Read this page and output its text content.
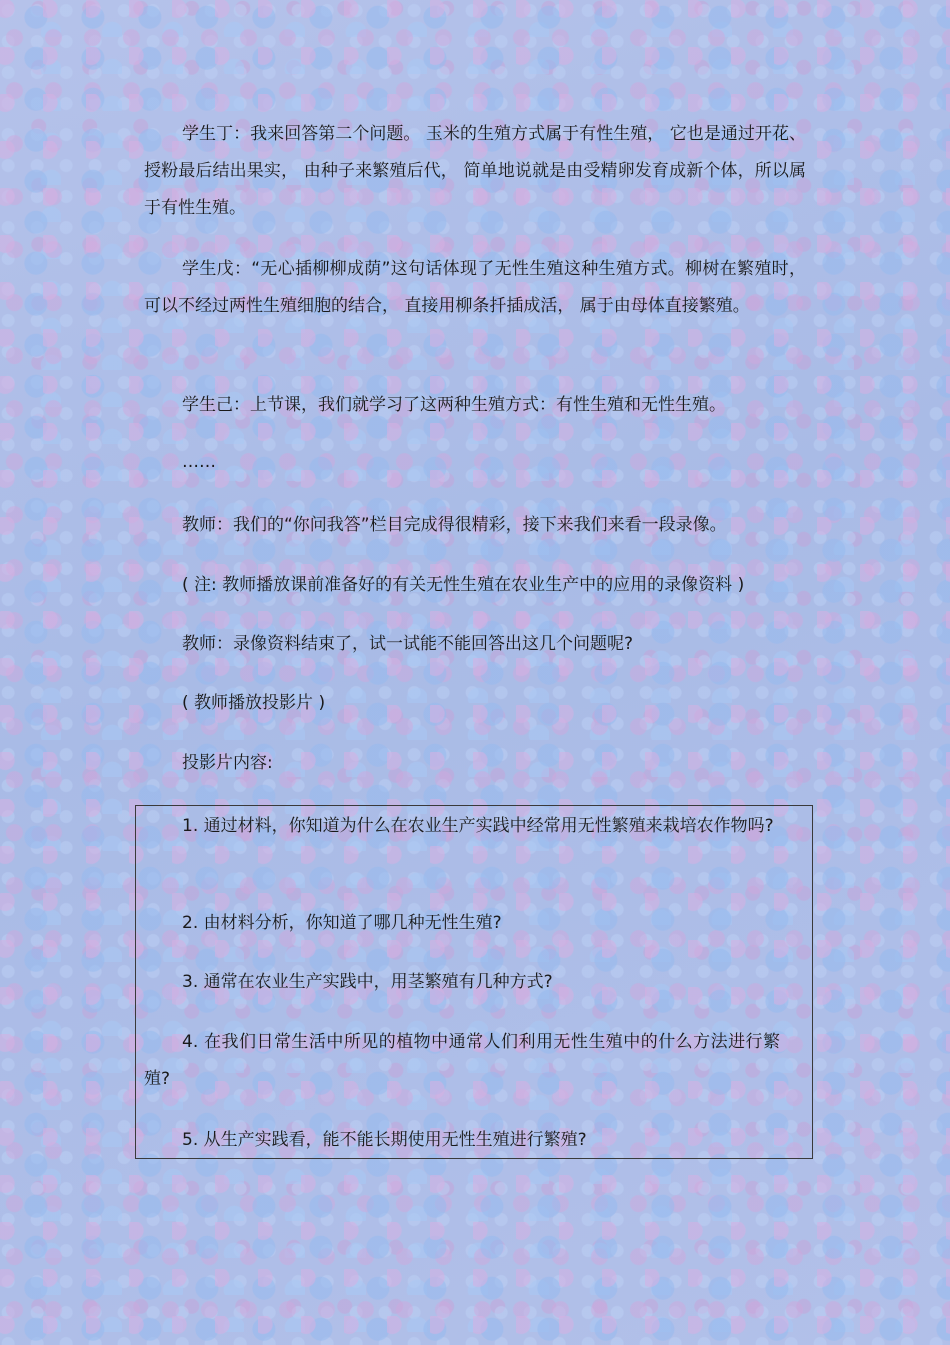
学生丁：我来回答第二个问题。 玉米的生殖方式属于有性生殖， 它也是通过开花、授粉最后结出果实， 由种子来繁殖后代， 简单地说就是由受精卵发育成新个体，所以属于有性生殖。

学生戊：“无心插柳柳成荫”这句话体现了无性生殖这种生殖方式。柳树在繁殖时，可以不经过两性生殖细胞的结合， 直接用柳条扦插成活， 属于由母体直接繁殖。

学生己：上节课，我们就学习了这两种生殖方式：有性生殖和无性生殖。

……

教师：我们的“你问我答”栏目完成得很精彩，接下来我们来看一段录像。

( 注: 教师播放课前准备好的有关无性生殖在农业生产中的应用的录像资料 )

教师：录像资料结束了，试一试能不能回答出这几个问题呢?

( 教师播放投影片 )

投影片内容:

1. 通过材料，你知道为什么在农业生产实践中经常用无性繁殖来栽培农作物吗?

2. 由材料分析，你知道了哪几种无性生殖?

3. 通常在农业生产实践中，用茎繁殖有几种方式?

4. 在我们日常生活中所见的植物中通常人们利用无性生殖中的什么方法进行繁殖?

5. 从生产实践看，能不能长期使用无性生殖进行繁殖?
